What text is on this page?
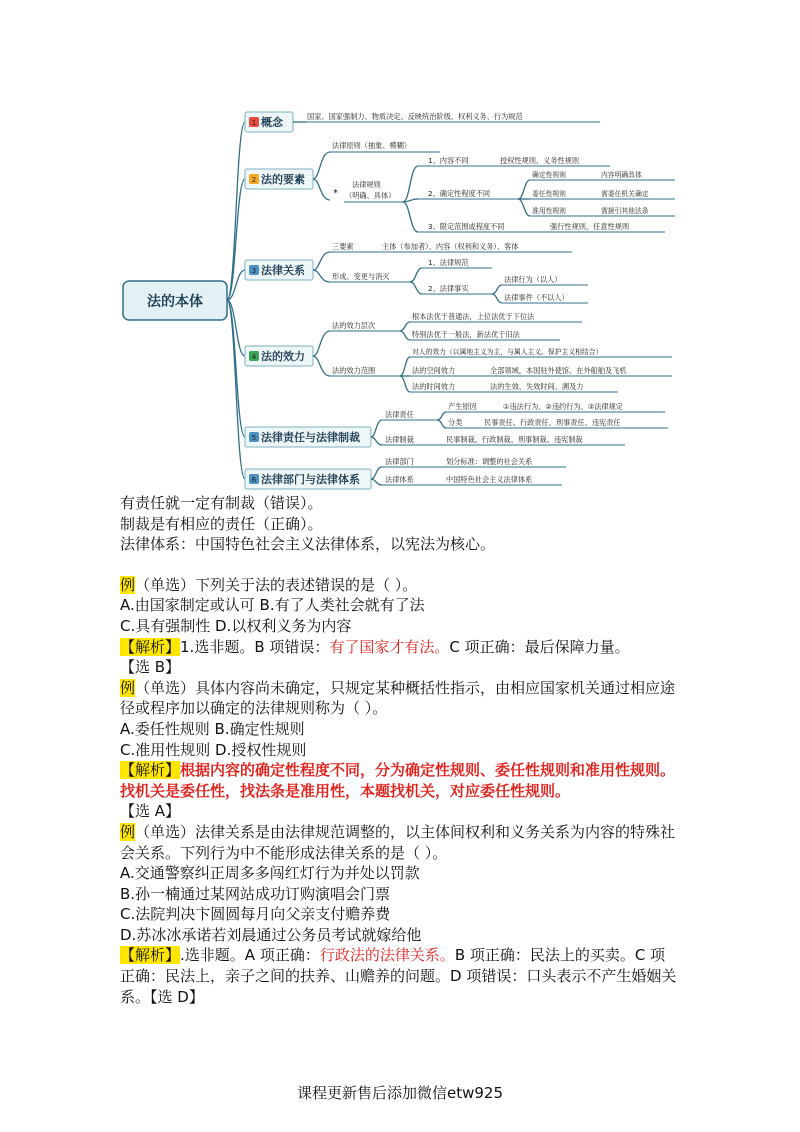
法的本体
1 概念	国家、国家强制力、物质决定、反映统治阶级、权利义务、行为规范
2 法的要素
法律原则（抽象、模糊）
*
法律规则
（明确、具体）
1、内容不同	授权性规则、义务性规则
2、确定性程度不同
确定性规则	内容明确具体
委任性规则	需委任机关确定
准用性规则	需援引其他法条
3、限定范围或程度不同	强行性规则、任意性规则
3 法律关系
三要素	主体（参加者）、内容（权利和义务）、客体
形成、变更与消灭
1、法律规范
2、法律事实
法律行为（以人）
法律事件（不以人）
4 法的效力
法的效力层次
根本法优于普通法，上位法优于下位法
特别法优于一般法，新法优于旧法
法的效力范围
对人的效力（以属地主义为主，与属人主义、保护主义相结合）
法的空间效力	全部领域，本国驻外使馆、在外船舶及飞机
法的时间效力	法的生效、失效时间、溯及力
5 法律责任与法律制裁
法律责任
产生原因	①违法行为、②违约行为、③法律规定
分类	民事责任、行政责任、刑事责任、违宪责任
法律制裁	民事制裁、行政制裁、刑事制裁、违宪制裁
6 法律部门与法律体系
法律部门	划分标准：调整的社会关系
法律体系	中国特色社会主义法律体系

有责任就一定有制裁（错误）。

制裁是有相应的责任（正确）。

法律体系：中国特色社会主义法律体系，以宪法为核心。

例（单选）下列关于法的表述错误的是（ ）。

A.由国家制定或认可 B.有了人类社会就有了法

C.具有强制性 D.以权利义务为内容

【解析】1.选非题。B 项错误：有了国家才有法。C 项正确：最后保障力量。

【选 B】

例（单选）具体内容尚未确定，只规定某种概括性指示，由相应国家机关通过相应途径或程序加以确定的法律规则称为（ ）。

A.委任性规则 B.确定性规则

C.准用性规则 D.授权性规则

【解析】根据内容的确定性程度不同，分为确定性规则、委任性规则和准用性规则。找机关是委任性，找法条是准用性，本题找机关，对应委任性规则。

【选 A】

例（单选）法律关系是由法律规范调整的，以主体间权利和义务关系为内容的特殊社会关系。下列行为中不能形成法律关系的是（ ）。

A.交通警察纠正周多多闯红灯行为并处以罚款

B.孙一楠通过某网站成功订购演唱会门票

C.法院判决卞圆圆每月向父亲支付赡养费

D.苏冰冰承诺若刘晨通过公务员考试就嫁给他

【解析】.选非题。A 项正确：行政法的法律关系。B 项正确：民法上的买卖。C 项正确：民法上，亲子之间的扶养、山赡养的问题。D 项错误：口头表示不产生婚姻关系。【选 D】

课程更新售后添加微信etw925
